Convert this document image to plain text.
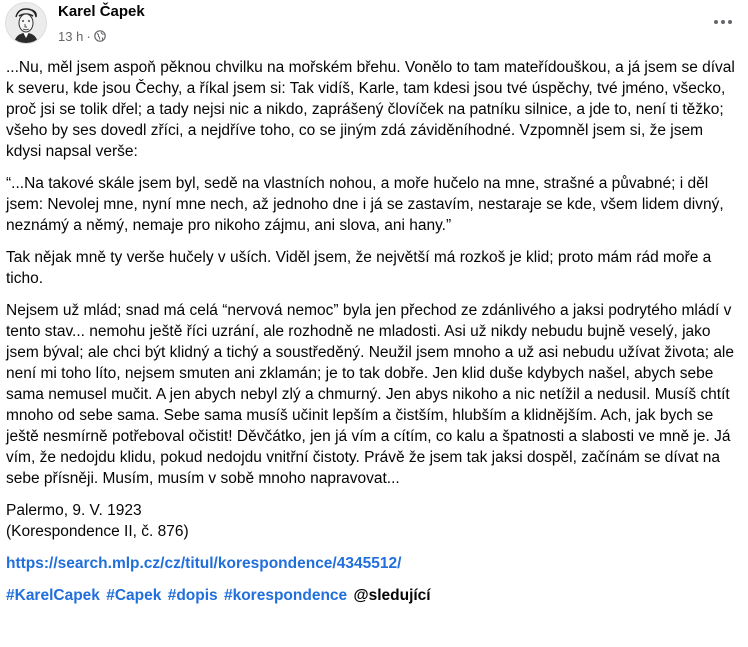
Karel Čapek
13 h ·

...Nu, měl jsem aspoň pěknou chvilku na mořském břehu. Vonělo to tam mateřídouškou, a já jsem se díval k severu, kde jsou Čechy, a říkal jsem si: Tak vidíš, Karle, tam kdesi jsou tvé úspěchy, tvé jméno, všecko, proč jsi se tolik dřel; a tady nejsi nic a nikdo, zaprášený človíček na patníku silnice, a jde to, není ti těžko; všeho by ses dovedl zříci, a nejdříve toho, co se jiným zdá záviděníhodné. Vzpomněl jsem si, že jsem kdysi napsal verše:

“...Na takové skále jsem byl, sedě na vlastních nohou, a moře hučelo na mne, strašné a půvabné; i děl jsem: Nevolej mne, nyní mne nech, až jednoho dne i já se zastavím, nestaraje se kde, všem lidem divný, neznámý a němý, nemaje pro nikoho zájmu, ani slova, ani hany.”

Tak nějak mně ty verše hučely v uších. Viděl jsem, že největší má rozkoš je klid; proto mám rád moře a ticho.

Nejsem už mlád; snad má celá “nervová nemoc” byla jen přechod ze zdánlivého a jaksi podrytého mládí v tento stav... nemohu ještě říci uzrání, ale rozhodně ne mladosti. Asi už nikdy nebudu bujně veselý, jako jsem býval; ale chci být klidný a tichý a soustředěný. Neužil jsem mnoho a už asi nebudu užívat života; ale není mi toho líto, nejsem smuten ani zklamán; je to tak dobře. Jen klid duše kdybych našel, abych sebe sama nemusel mučit. A jen abych nebyl zlý a chmurný. Jen abys nikoho a nic netížil a nedusil. Musíš chtít mnoho od sebe sama. Sebe sama musíš učinit lepším a čistším, hlubším a klidnějším. Ach, jak bych se ještě nesmírně potřeboval očistit! Děvčátko, jen já vím a cítím, co kalu a špatnosti a slabosti ve mně je. Já vím, že nedojdu klidu, pokud nedojdu vnitřní čistoty. Právě že jsem tak jaksi dospěl, začínám se dívat na sebe přísněji. Musím, musím v sobě mnoho napravovat...

Palermo, 9. V. 1923

(Korespondence II, č. 876)

https://search.mlp.cz/cz/titul/korespondence/4345512/

#KarelCapek #Capek #dopis #korespondence @sledující
